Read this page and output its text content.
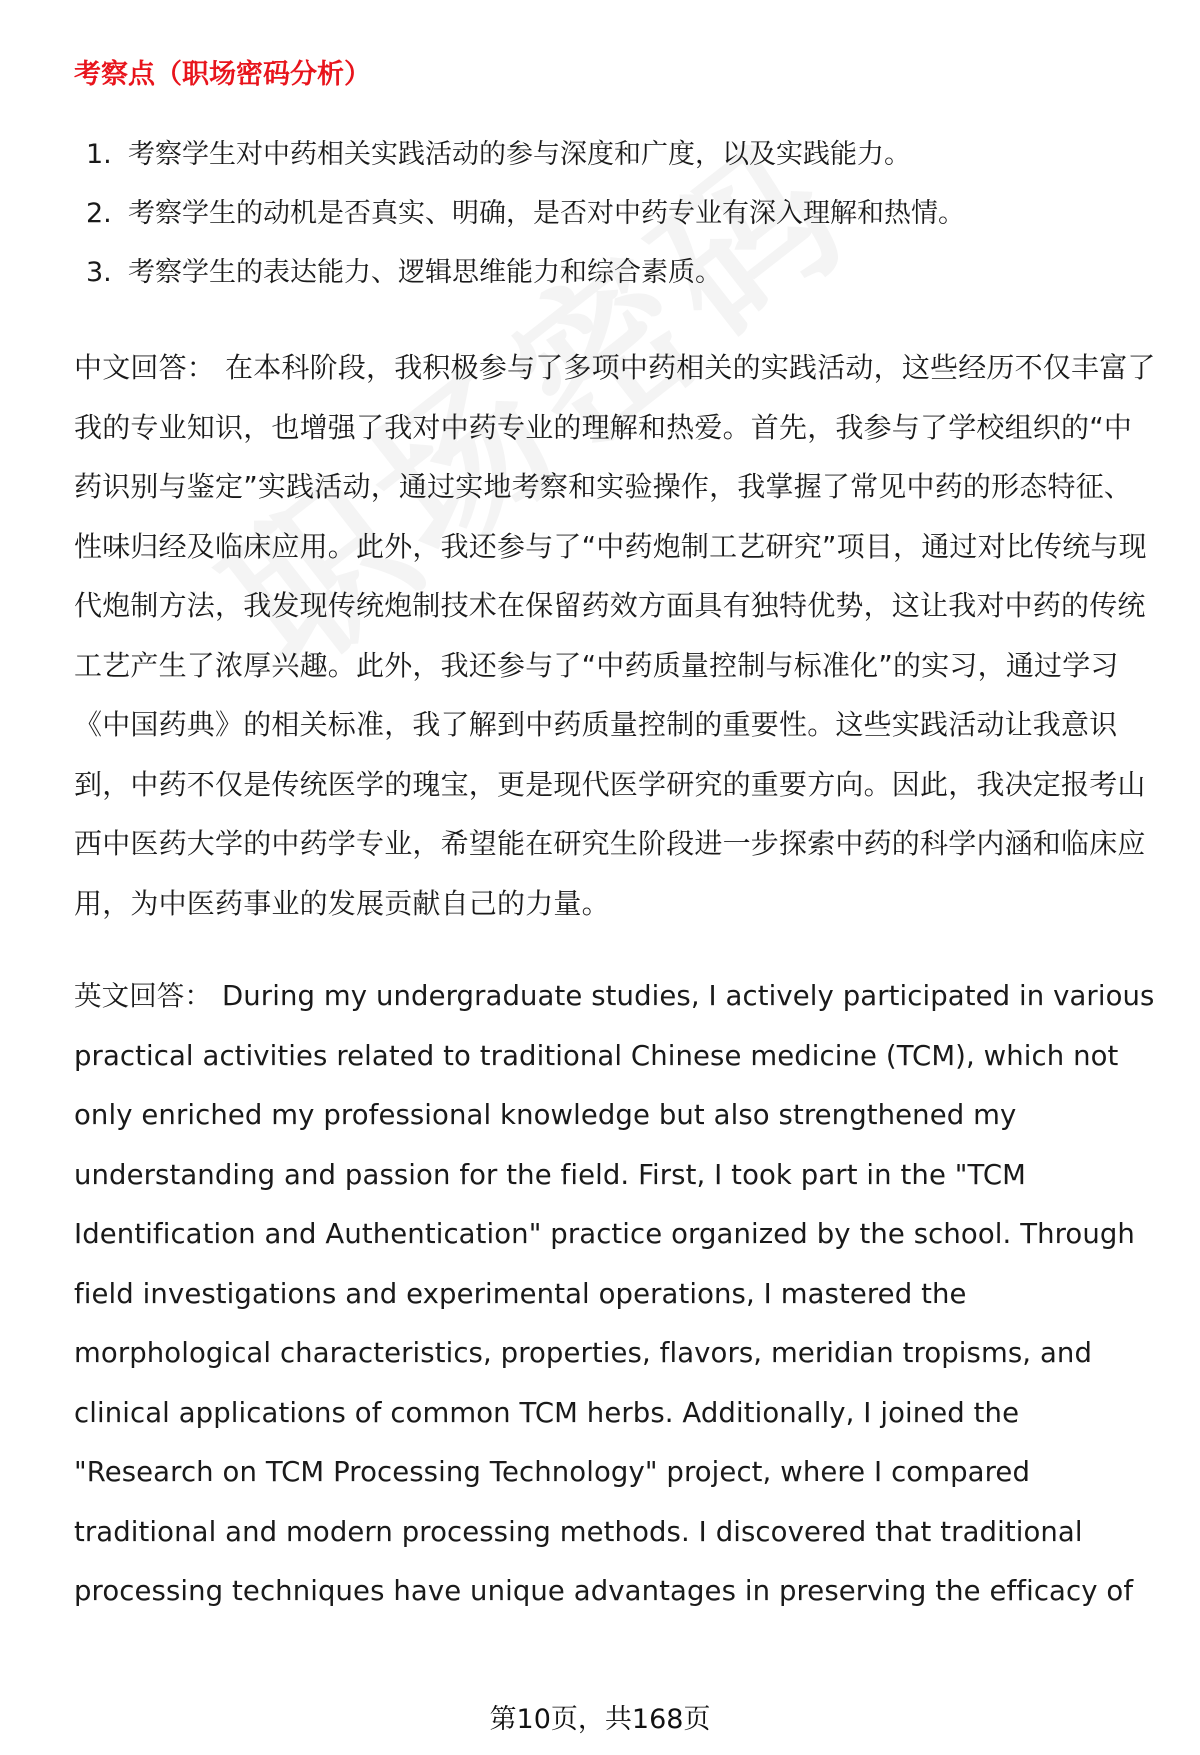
考察点（职场密码分析）
1. 考察学生对中药相关实践活动的参与深度和广度，以及实践能力。
2. 考察学生的动机是否真实、明确，是否对中药专业有深入理解和热情。
3. 考察学生的表达能力、逻辑思维能力和综合素质。

中文回答： 在本科阶段，我积极参与了多项中药相关的实践活动，这些经历不仅丰富了我的专业知识，也增强了我对中药专业的理解和热爱。首先，我参与了学校组织的“中药识别与鉴定”实践活动，通过实地考察和实验操作，我掌握了常见中药的形态特征、性味归经及临床应用。此外，我还参与了“中药炮制工艺研究”项目，通过对比传统与现代炮制方法，我发现传统炮制技术在保留药效方面具有独特优势，这让我对中药的传统工艺产生了浓厚兴趣。此外，我还参与了“中药质量控制与标准化”的实习，通过学习《中国药典》的相关标准，我了解到中药质量控制的重要性。这些实践活动让我意识到，中药不仅是传统医学的瑰宝，更是现代医学研究的重要方向。因此，我决定报考山西中医药大学的中药学专业，希望能在研究生阶段进一步探索中药的科学内涵和临床应用，为中医药事业的发展贡献自己的力量。

英文回答： During my undergraduate studies, I actively participated in various practical activities related to traditional Chinese medicine (TCM), which not only enriched my professional knowledge but also strengthened my understanding and passion for the field. First, I took part in the "TCM Identification and Authentication" practice organized by the school. Through field investigations and experimental operations, I mastered the morphological characteristics, properties, flavors, meridian tropisms, and clinical applications of common TCM herbs. Additionally, I joined the "Research on TCM Processing Technology" project, where I compared traditional and modern processing methods. I discovered that traditional processing techniques have unique advantages in preserving the efficacy of

第10页，共168页
